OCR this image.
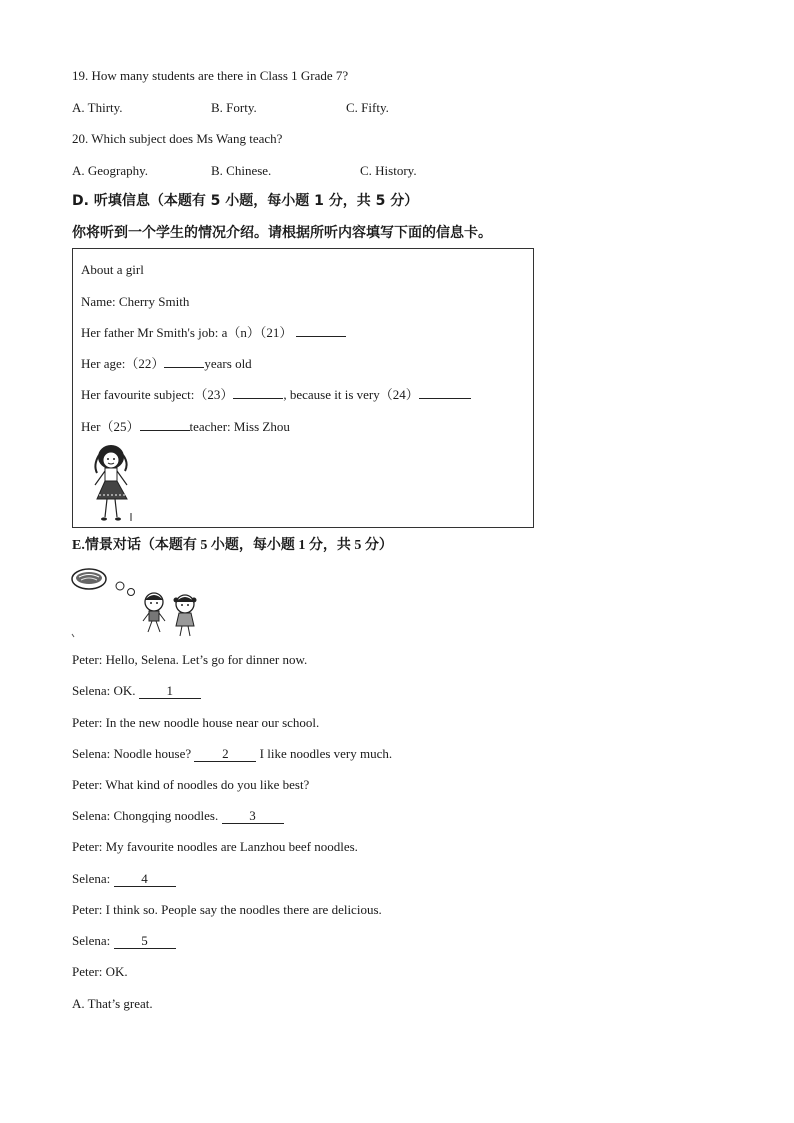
19. How many students are there in Class 1 Grade 7?
A. Thirty.	B. Forty.	C. Fifty.
20. Which subject does Ms Wang teach?
A. Geography.	B. Chinese.	C. History.
D. 听填信息（本题有 5 小题，每小题 1 分，共 5 分）
你将听到一个学生的情况介绍。请根据所听内容填写下面的信息卡。
About a girl
Name: Cherry Smith
Her father Mr Smith's job: a（n）（21）
Her age:（22）	years old
Her favourite subject:（23）	, because it is very（24）
Her（25）	teacher: Miss Zhou
E.情景对话（本题有 5 小题，每小题 1 分，共 5 分）
Peter: Hello, Selena. Let’s go for dinner now.
Selena: OK. 1
Peter: In the new noodle house near our school.
Selena: Noodle house? 2 I like noodles very much.
Peter: What kind of noodles do you like best?
Selena: Chongqing noodles. 3
Peter: My favourite noodles are Lanzhou beef noodles.
Selena: 4
Peter: I think so. People say the noodles there are delicious.
Selena: 5
Peter: OK.
A. That’s great.
